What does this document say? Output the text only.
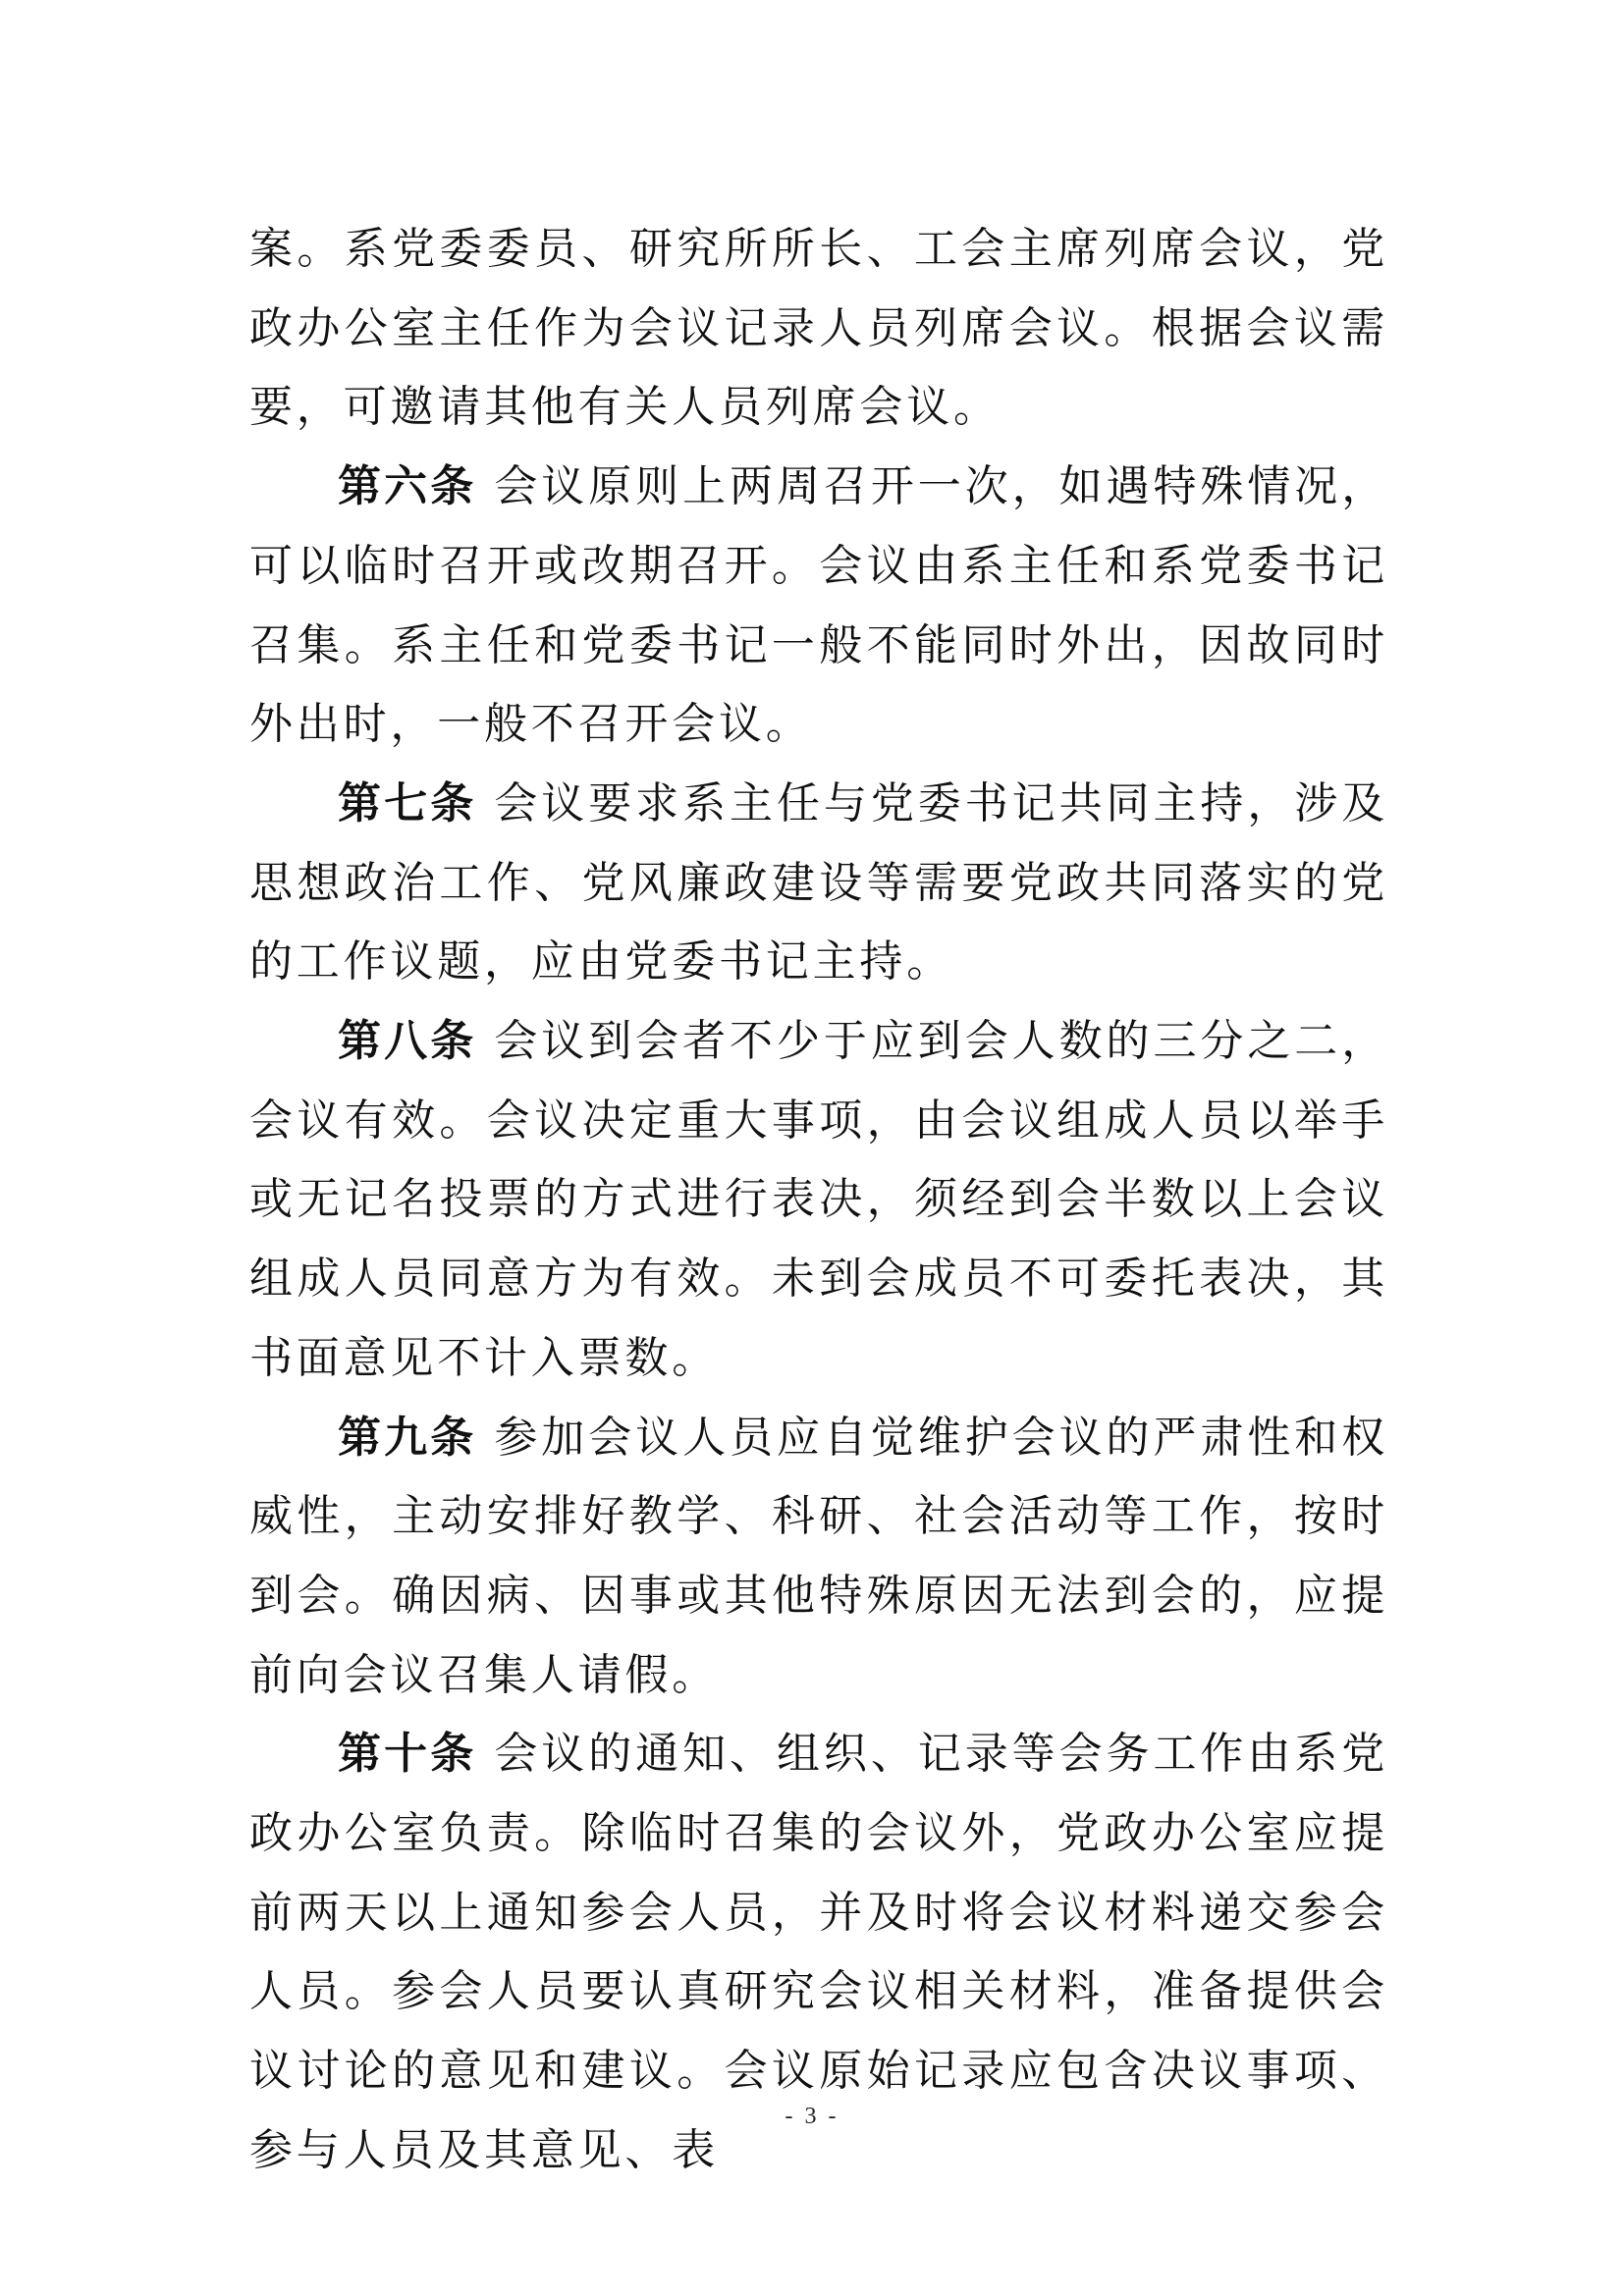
案。系党委委员、研究所所长、工会主席列席会议，党政办公室主任作为会议记录人员列席会议。根据会议需要，可邀请其他有关人员列席会议。

第六条 会议原则上两周召开一次，如遇特殊情况，可以临时召开或改期召开。会议由系主任和系党委书记召集。系主任和党委书记一般不能同时外出，因故同时外出时，一般不召开会议。

第七条 会议要求系主任与党委书记共同主持，涉及思想政治工作、党风廉政建设等需要党政共同落实的党的工作议题，应由党委书记主持。

第八条 会议到会者不少于应到会人数的三分之二，会议有效。会议决定重大事项，由会议组成人员以举手或无记名投票的方式进行表决，须经到会半数以上会议组成人员同意方为有效。未到会成员不可委托表决，其书面意见不计入票数。

第九条 参加会议人员应自觉维护会议的严肃性和权威性，主动安排好教学、科研、社会活动等工作，按时到会。确因病、因事或其他特殊原因无法到会的，应提前向会议召集人请假。

第十条 会议的通知、组织、记录等会务工作由系党政办公室负责。除临时召集的会议外，党政办公室应提前两天以上通知参会人员，并及时将会议材料递交参会人员。参会人员要认真研究会议相关材料，准备提供会议讨论的意见和建议。会议原始记录应包含决议事项、参与人员及其意见、表

- 3 -
